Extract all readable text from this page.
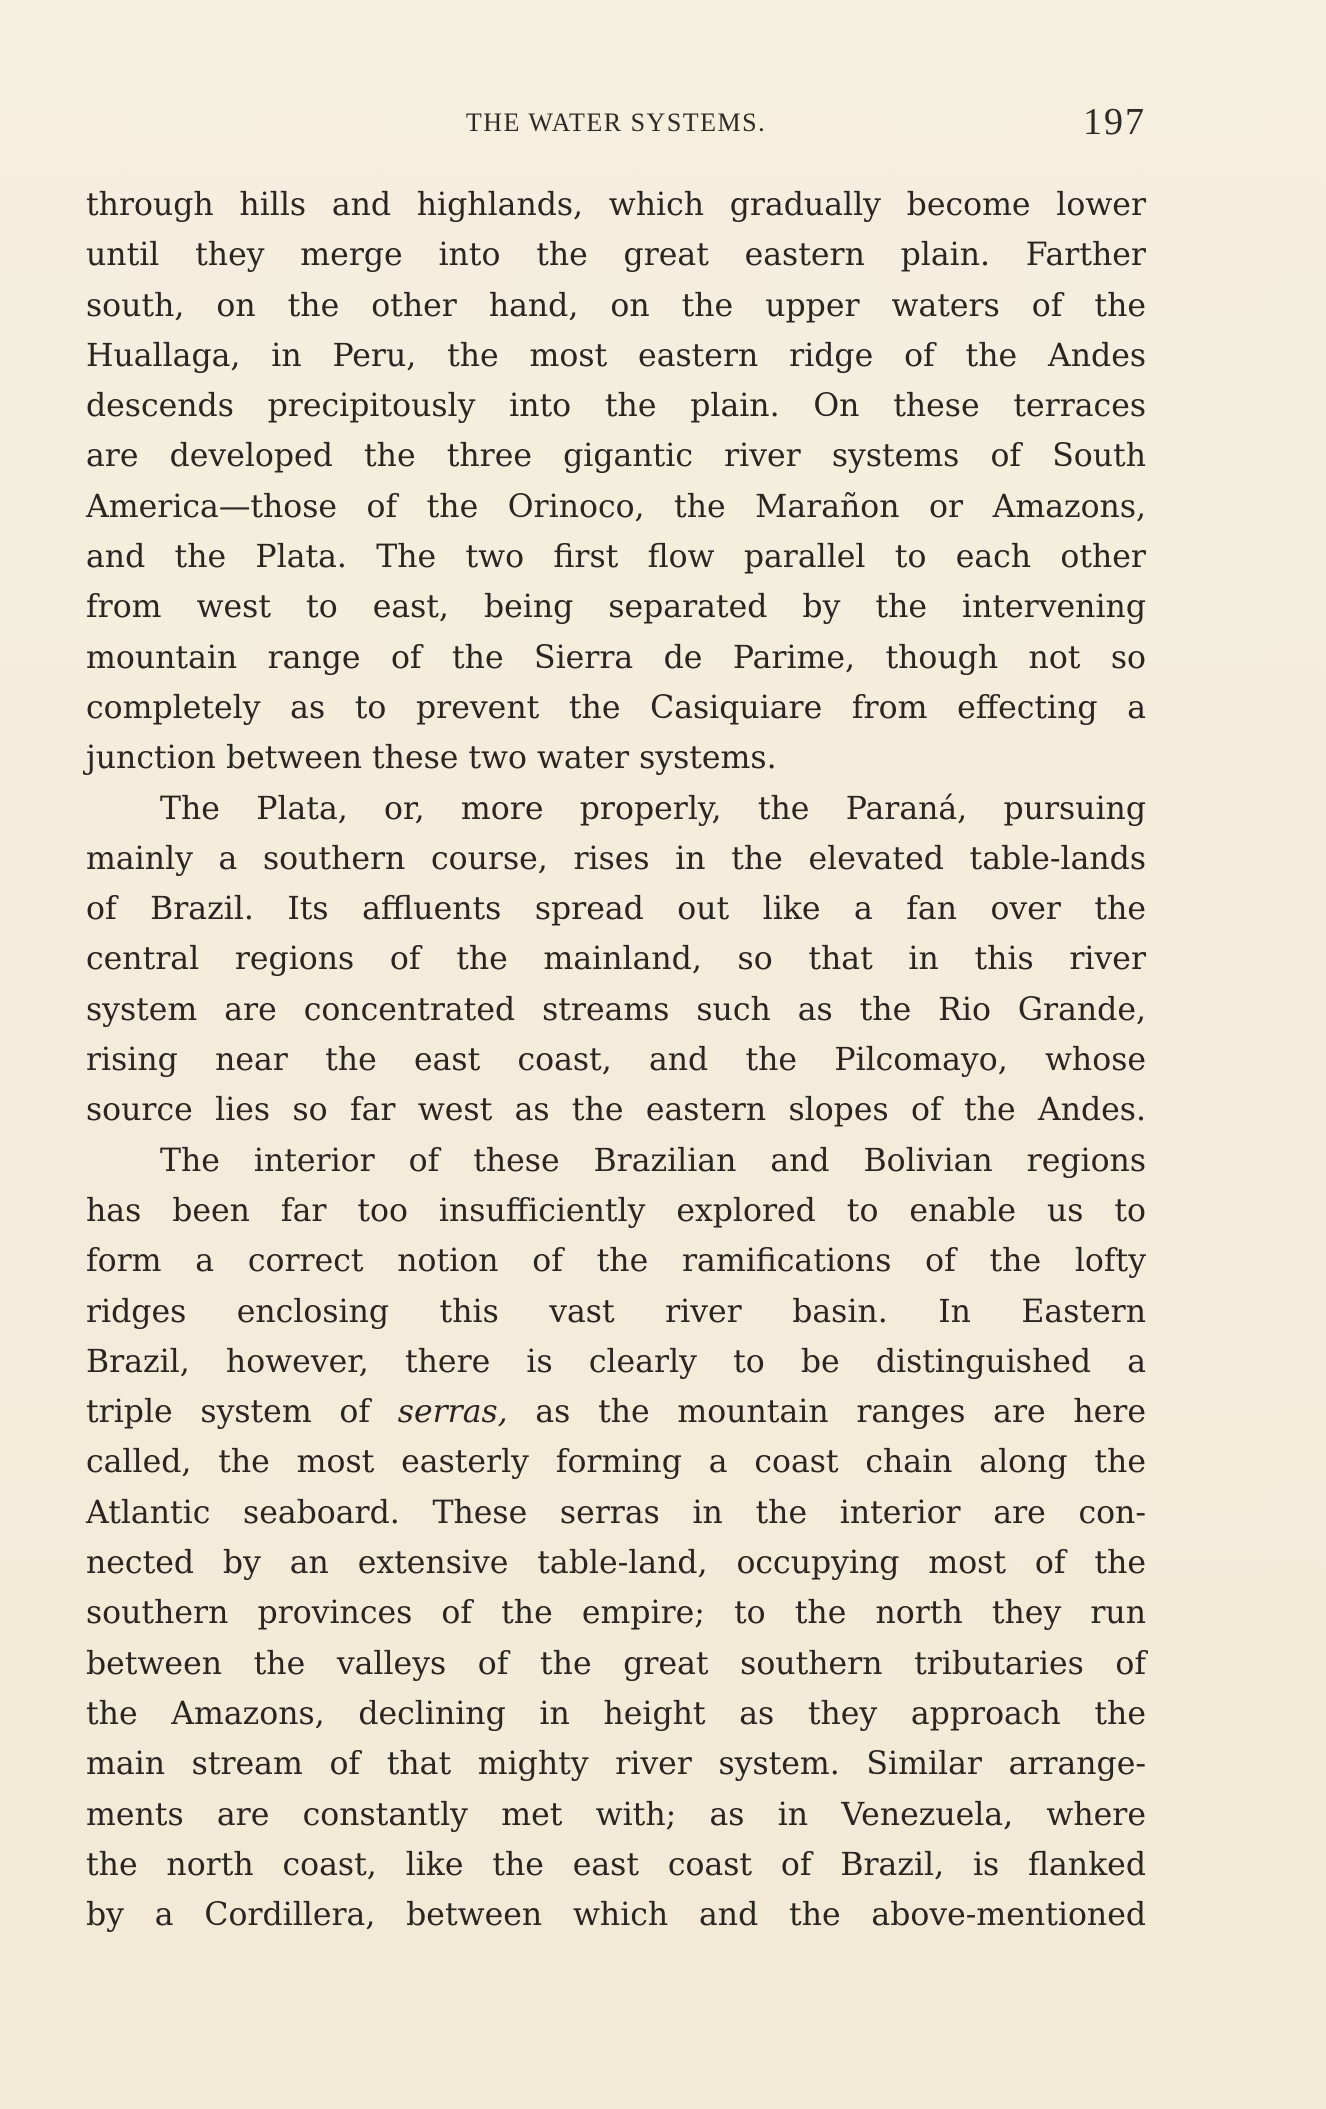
THE WATER SYSTEMS.	197
through hills and highlands, which gradually become lower
until they merge into the great eastern plain. Farther
south, on the other hand, on the upper waters of the
Huallaga, in Peru, the most eastern ridge of the Andes
descends precipitously into the plain. On these terraces
are developed the three gigantic river systems of South
America—those of the Orinoco, the Marañon or Amazons,
and the Plata. The two first flow parallel to each other
from west to east, being separated by the intervening
mountain range of the Sierra de Parime, though not so
completely as to prevent the Casiquiare from effecting a
junction between these two water systems.
The Plata, or, more properly, the Paraná, pursuing
mainly a southern course, rises in the elevated table-lands
of Brazil. Its affluents spread out like a fan over the
central regions of the mainland, so that in this river
system are concentrated streams such as the Rio Grande,
rising near the east coast, and the Pilcomayo, whose
source lies so far west as the eastern slopes of the Andes.
The interior of these Brazilian and Bolivian regions
has been far too insufficiently explored to enable us to
form a correct notion of the ramifications of the lofty
ridges enclosing this vast river basin. In Eastern
Brazil, however, there is clearly to be distinguished a
triple system of serras, as the mountain ranges are here
called, the most easterly forming a coast chain along the
Atlantic seaboard. These serras in the interior are con-
nected by an extensive table-land, occupying most of the
southern provinces of the empire; to the north they run
between the valleys of the great southern tributaries of
the Amazons, declining in height as they approach the
main stream of that mighty river system. Similar arrange-
ments are constantly met with; as in Venezuela, where
the north coast, like the east coast of Brazil, is flanked
by a Cordillera, between which and the above-mentioned
